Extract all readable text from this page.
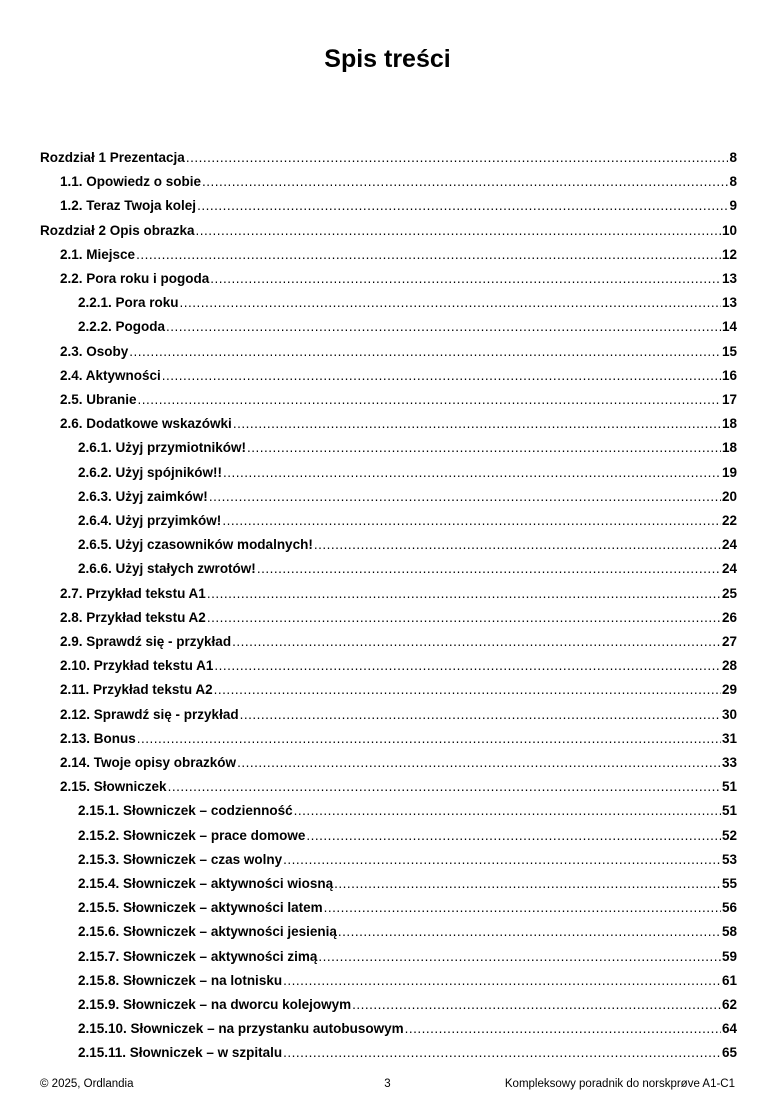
Spis treści
Rozdział 1 Prezentacja .....	8
1.1. Opowiedz o sobie .....	8
1.2. Teraz Twoja kolej .....	9
Rozdział 2 Opis obrazka .....	10
2.1. Miejsce .....	12
2.2. Pora roku i pogoda .....	13
2.2.1. Pora roku .....	13
2.2.2. Pogoda .....	14
2.3. Osoby .....	15
2.4. Aktywności .....	16
2.5. Ubranie .....	17
2.6. Dodatkowe wskazówki .....	18
2.6.1. Użyj przymiotników! .....	18
2.6.2. Użyj spójników!! .....	19
2.6.3. Użyj zaimków! .....	20
2.6.4. Użyj przyimków! .....	22
2.6.5. Użyj czasowników modalnych! .....	24
2.6.6. Użyj stałych zwrotów! .....	24
2.7. Przykład tekstu A1 .....	25
2.8. Przykład tekstu A2 .....	26
2.9. Sprawdź się - przykład .....	27
2.10. Przykład tekstu A1 .....	28
2.11. Przykład tekstu A2 .....	29
2.12. Sprawdź się - przykład .....	30
2.13. Bonus .....	31
2.14. Twoje opisy obrazków .....	33
2.15. Słowniczek .....	51
2.15.1. Słowniczek – codzienność .....	51
2.15.2. Słowniczek – prace domowe .....	52
2.15.3. Słowniczek – czas wolny .....	53
2.15.4. Słowniczek – aktywności wiosną .....	55
2.15.5. Słowniczek – aktywności latem .....	56
2.15.6. Słowniczek – aktywności jesienią .....	58
2.15.7. Słowniczek – aktywności zimą .....	59
2.15.8. Słowniczek – na lotnisku .....	61
2.15.9. Słowniczek – na dworcu kolejowym .....	62
2.15.10. Słowniczek – na przystanku autobusowym .....	64
2.15.11. Słowniczek – w szpitalu .....	65
© 2025, Ordlandia	3	Kompleksowy poradnik do norskprøve A1-C1
